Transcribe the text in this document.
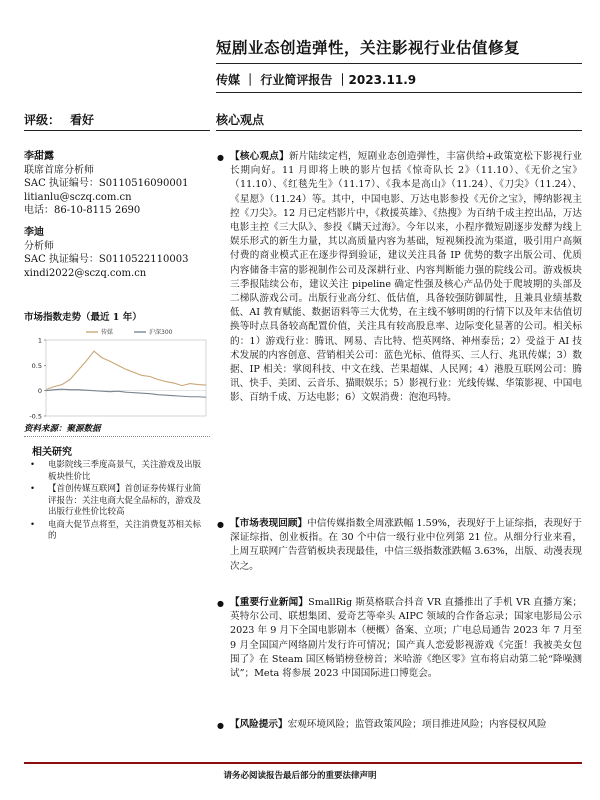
短剧业态创造弹性，关注影视行业估值修复
传媒 ｜ 行业简评报告 ｜2023.11.9
评级： 看好	核心观点
李甜露
联席首席分析师
SAC 执证编号：S0110516090001
litianlu@sczq.com.cn
电话：86-10-8115 2690
李迪
分析师
SAC 执证编号：S0110522110003
xindi2022@sczq.com.cn
市场指数走势（最近 1 年）
1
0.5
0
-0.5
传媒	沪深300
资料来源：聚源数据
相关研究
• 电影院线三季度高景气，关注游戏及出版板块性价比
• 【首创传媒互联网】首创证券传媒行业简评报告：关注电商大促全品标的，游戏及出版行业性价比较高
• 电商大促节点将至，关注消费复苏相关标的
● 【核心观点】新片陆续定档，短剧业态创造弹性，丰富供给+政策宽松下影视行业长期向好。11 月即将上映的影片包括《惊奇队长 2》（11.10）、《无价之宝》（11.10）、《红毯先生》（11.17）、《我本是高山》（11.24）、《刀尖》（11.24）、《星愿》（11.24）等。其中，中国电影、万达电影参投《无价之宝》，博纳影视主控《刀尖》。12 月已定档影片中，《救援英雄》、《热搜》为百纳千成主控出品，万达电影主控《三大队》、参投《瞒天过海》。今年以来，小程序微短剧逐步发酵为线上娱乐形式的新生力量，其以高质量内容为基础，短视频投流为渠道，吸引用户高频付费的商业模式正在逐步得到验证，建议关注具备 IP 优势的数字出版公司、优质内容储备丰富的影视制作公司及深耕行业、内容判断能力强的院线公司。游戏板块三季报陆续公布，建议关注 pipeline 确定性强及核心产品仍处于爬坡期的头部及二梯队游戏公司。出版行业高分红、低估值，具备较强防御属性，且兼具业绩基数低、AI 教育赋能、数据语料等三大优势，在主线不够明朗的行情下以及年末估值切换等时点具备较高配置价值，关注具有较高股息率、边际变化显著的公司。相关标的：1）游戏行业：腾讯、网易、吉比特、恺英网络、神州泰岳；2）受益于 AI 技术发展的内容创意、营销相关公司：蓝色光标、值得买、三人行、兆讯传媒；3）数据、IP 相关：掌阅科技、中文在线、芒果超媒、人民网；4）港股互联网公司：腾讯、快手、美团、云音乐、猫眼娱乐；5）影视行业：光线传媒、华策影视、中国电影、百纳千成、万达电影；6）文娱消费：泡泡玛特。
● 【市场表现回顾】中信传媒指数全周涨跌幅 1.59%，表现好于上证综指，表现好于深证综指、创业板指。在 30 个中信一级行业中位列第 21 位。从细分行业来看，上周互联网广告营销板块表现最佳，中信三级指数涨跌幅 3.63%，出版、动漫表现次之。
● 【重要行业新闻】SmallRig 斯莫格联合抖音 VR 直播推出了手机 VR 直播方案；英特尔公司、联想集团、爱奇艺等牵头 AIPC 领域的合作备忘录；国家电影局公示 2023 年 9 月下全国电影剧本（梗概）备案、立项；广电总局通告 2023 年 7 月至 9 月全国国产网络剧片发行许可情况；国产真人恋爱影视游戏《完蛋！我被美女包围了》在 Steam 国区畅销榜登榜首；米哈游《绝区零》宣布将启动第二轮“降噪测试”；Meta 将参展 2023 中国国际进口博览会。
● 【风险提示】宏观环境风险；监管政策风险；项目推进风险；内容侵权风险
请务必阅读报告最后部分的重要法律声明
